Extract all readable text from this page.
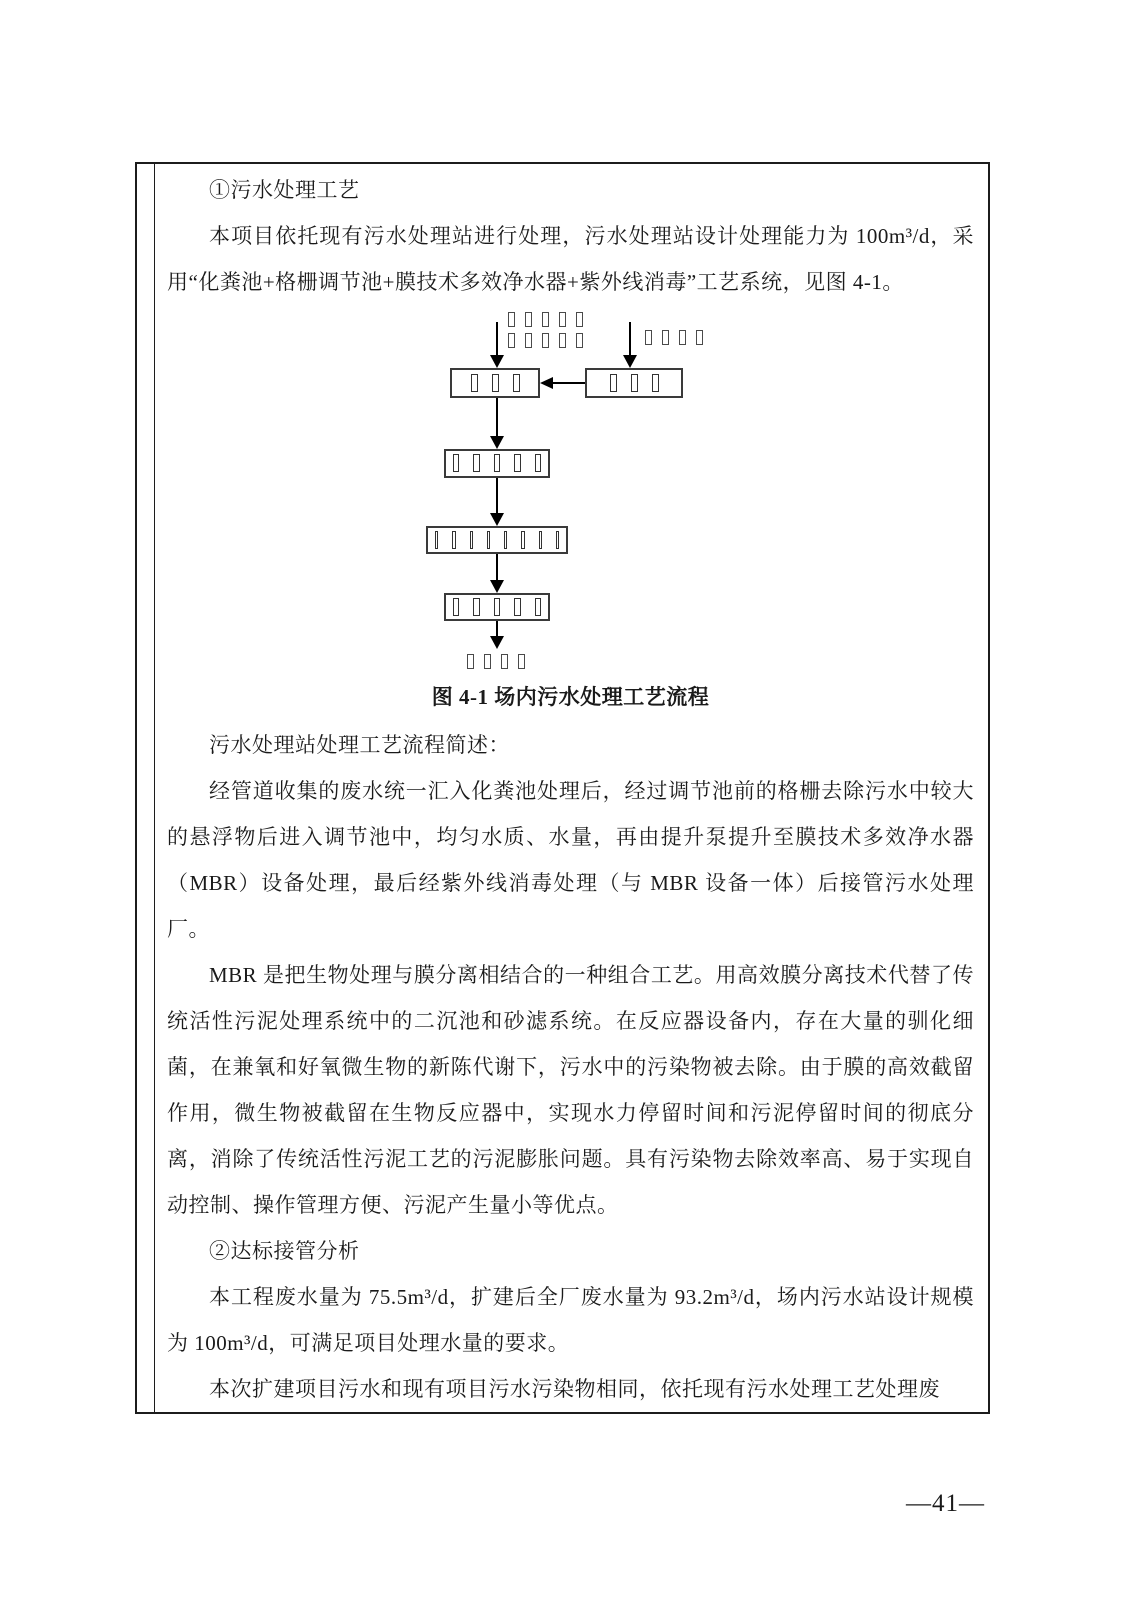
①污水处理工艺

本项目依托现有污水处理站进行处理，污水处理站设计处理能力为 100m³/d，采用“化粪池+格栅调节池+膜技术多效净水器+紫外线消毒”工艺系统，见图 4-1。

图 4-1 场内污水处理工艺流程

污水处理站处理工艺流程简述：

经管道收集的废水统一汇入化粪池处理后，经过调节池前的格栅去除污水中较大的悬浮物后进入调节池中，均匀水质、水量，再由提升泵提升至膜技术多效净水器（MBR）设备处理，最后经紫外线消毒处理（与 MBR 设备一体）后接管污水处理厂。

MBR 是把生物处理与膜分离相结合的一种组合工艺。用高效膜分离技术代替了传统活性污泥处理系统中的二沉池和砂滤系统。在反应器设备内，存在大量的驯化细菌，在兼氧和好氧微生物的新陈代谢下，污水中的污染物被去除。由于膜的高效截留作用，微生物被截留在生物反应器中，实现水力停留时间和污泥停留时间的彻底分离，消除了传统活性污泥工艺的污泥膨胀问题。具有污染物去除效率高、易于实现自动控制、操作管理方便、污泥产生量小等优点。

②达标接管分析

本工程废水量为 75.5m³/d，扩建后全厂废水量为 93.2m³/d，场内污水站设计规模为 100m³/d，可满足项目处理水量的要求。

本次扩建项目污水和现有项目污水污染物相同，依托现有污水处理工艺处理废

—41—
